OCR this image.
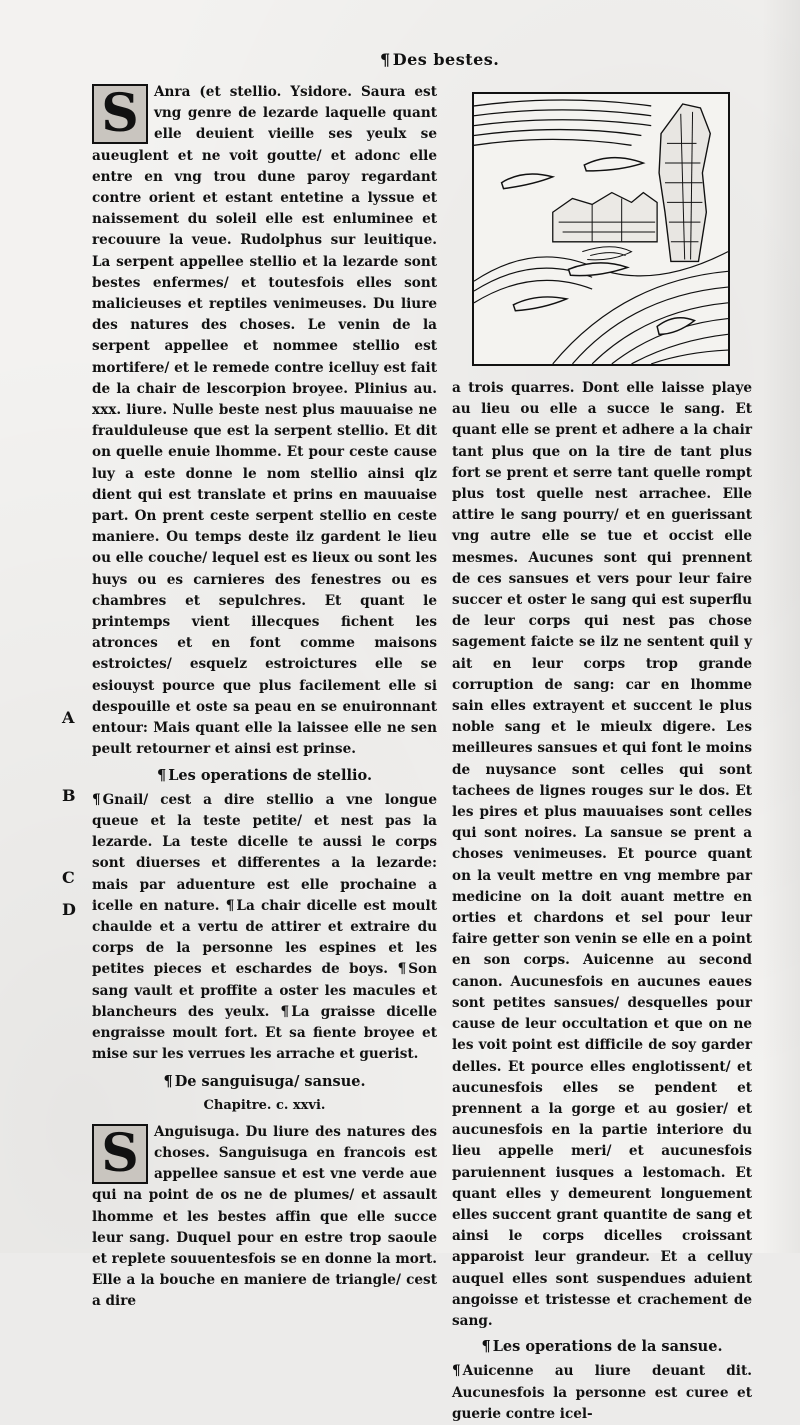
¶ Des bestes.
S Anra (et stellio. Ysidore. Saura est vng genre de lezarde laquelle quant elle deuient vieille ses yeulx se aueuglent et ne voit goutte/ et adonc elle entre en vng trou dune paroy regardant contre orient et estant entetine a lyssue et naissement du soleil elle est enluminee et recouure la veue. Rudolphus sur leuitique. La serpent appellee stellio et la lezarde sont bestes enfermes/ et toutesfois elles sont malicieuses et reptiles venimeuses. Du liure des natures des choses. Le venin de la serpent appellee et nommee stellio est mortifere/ et le remede contre icelluy est fait de la chair de lescorpion broyee. Plinius au. xxx. liure. Nulle beste nest plus mauuaise ne fraulduleuse que est la serpent stellio. Et dit on quelle enuie lhomme. Et pour ceste cause luy a este donne le nom stellio ainsi qlz dient qui est translate et prins en mauuaise part. On prent ceste serpent stellio en ceste maniere. Ou temps deste ilz gardent le lieu ou elle couche/ lequel est es lieux ou sont les huys ou es carnieres des fenestres ou es chambres et sepulchres. Et quant le printemps vient illecques fichent les atronces et en font comme maisons estroictes/ esquelz estroictures elle se esiouyst pource que plus facilement elle si despouille et oste sa peau en se enuironnant entour: Mais quant elle la laissee elle ne sen peult retourner et ainsi est prinse.
¶ Les operations de stellio.
¶ Gnail/ cest a dire stellio a vne longue queue et la teste petite/ et nest pas la lezarde. La teste dicelle te aussi le corps sont diuerses et differentes a la lezarde: mais par aduenture est elle prochaine a icelle en nature. ¶ La chair dicelle est moult chaulde et a vertu de attirer et extraire du corps de la personne les espines et les petites pieces et eschardes de boys. ¶ Son sang vault et proffite a oster les macules et blancheurs des yeulx. ¶ La graisse dicelle engraisse moult fort. Et sa fiente broyee et mise sur les verrues les arrache et guerist.
¶ De sanguisuga/ sansue.
Chapitre. c. xxvi.
S Anguisuga. Du liure des natures des choses. Sanguisuga en francois est appellee sansue et est vne verde aue qui na point de os ne de plumes/ et assault lhomme et les bestes affin que elle succe leur sang. Duquel pour en estre trop saoule et replete souuentesfois se en donne la mort. Elle a la bouche en maniere de triangle/ cest a dire
A
B
C
D
a trois quarres. Dont elle laisse playe au lieu ou elle a succe le sang. Et quant elle se prent et adhere a la chair tant plus que on la tire de tant plus fort se prent et serre tant quelle rompt plus tost quelle nest arrachee. Elle attire le sang pourry/ et en guerissant vng autre elle se tue et occist elle mesmes. Aucunes sont qui prennent de ces sansues et vers pour leur faire succer et oster le sang qui est superflu de leur corps qui nest pas chose sagement faicte se ilz ne sentent quil y ait en leur corps trop grande corruption de sang: car en lhomme sain elles extrayent et succent le plus noble sang et le mieulx digere. Les meilleures sansues et qui font le moins de nuysance sont celles qui sont tachees de lignes rouges sur le dos. Et les pires et plus mauuaises sont celles qui sont noires. La sansue se prent a choses venimeuses. Et pource quant on la veult mettre en vng membre par medicine on la doit auant mettre en orties et chardons et sel pour leur faire getter son venin se elle en a point en son corps. Auicenne au second canon. Aucunesfois en aucunes eaues sont petites sansues/ desquelles pour cause de leur occultation et que on ne les voit point est difficile de soy garder delles. Et pource elles englotissent/ et aucunesfois elles se pendent et prennent a la gorge et au gosier/ et aucunesfois en la partie interiore du lieu appelle meri/ et aucunesfois paruiennent iusques a lestomach. Et quant elles y demeurent longuement elles succent grant quantite de sang et ainsi le corps dicelles croissant apparoist leur grandeur. Et a celluy auquel elles sont suspendues aduient angoisse et tristesse et crachement de sang.
¶ Les operations de la sansue.
¶ Auicenne au liure deuant dit. Aucunesfois la personne est curee et guerie contre icel-
